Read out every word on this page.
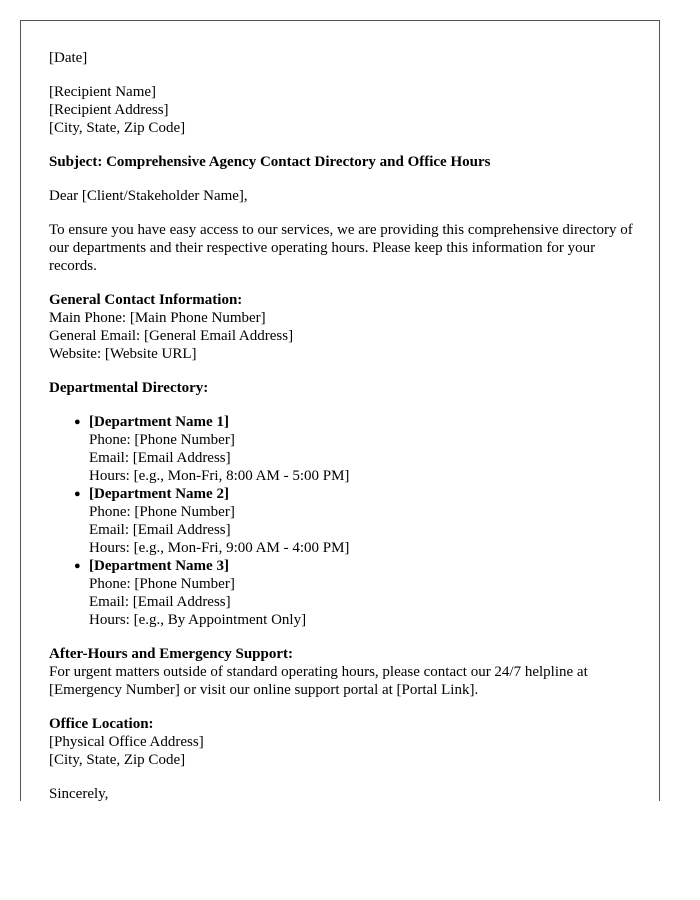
[Date]

[Recipient Name]
[Recipient Address]
[City, State, Zip Code]

Subject: Comprehensive Agency Contact Directory and Office Hours

Dear [Client/Stakeholder Name],

To ensure you have easy access to our services, we are providing this comprehensive directory of our departments and their respective operating hours. Please keep this information for your records.

General Contact Information:
Main Phone: [Main Phone Number]
General Email: [General Email Address]
Website: [Website URL]

Departmental Directory:

● [Department Name 1]
Phone: [Phone Number]
Email: [Email Address]
Hours: [e.g., Mon-Fri, 8:00 AM - 5:00 PM]
● [Department Name 2]
Phone: [Phone Number]
Email: [Email Address]
Hours: [e.g., Mon-Fri, 9:00 AM - 4:00 PM]
● [Department Name 3]
Phone: [Phone Number]
Email: [Email Address]
Hours: [e.g., By Appointment Only]

After-Hours and Emergency Support:
For urgent matters outside of standard operating hours, please contact our 24/7 helpline at [Emergency Number] or visit our online support portal at [Portal Link].

Office Location:
[Physical Office Address]
[City, State, Zip Code]

Sincerely,
